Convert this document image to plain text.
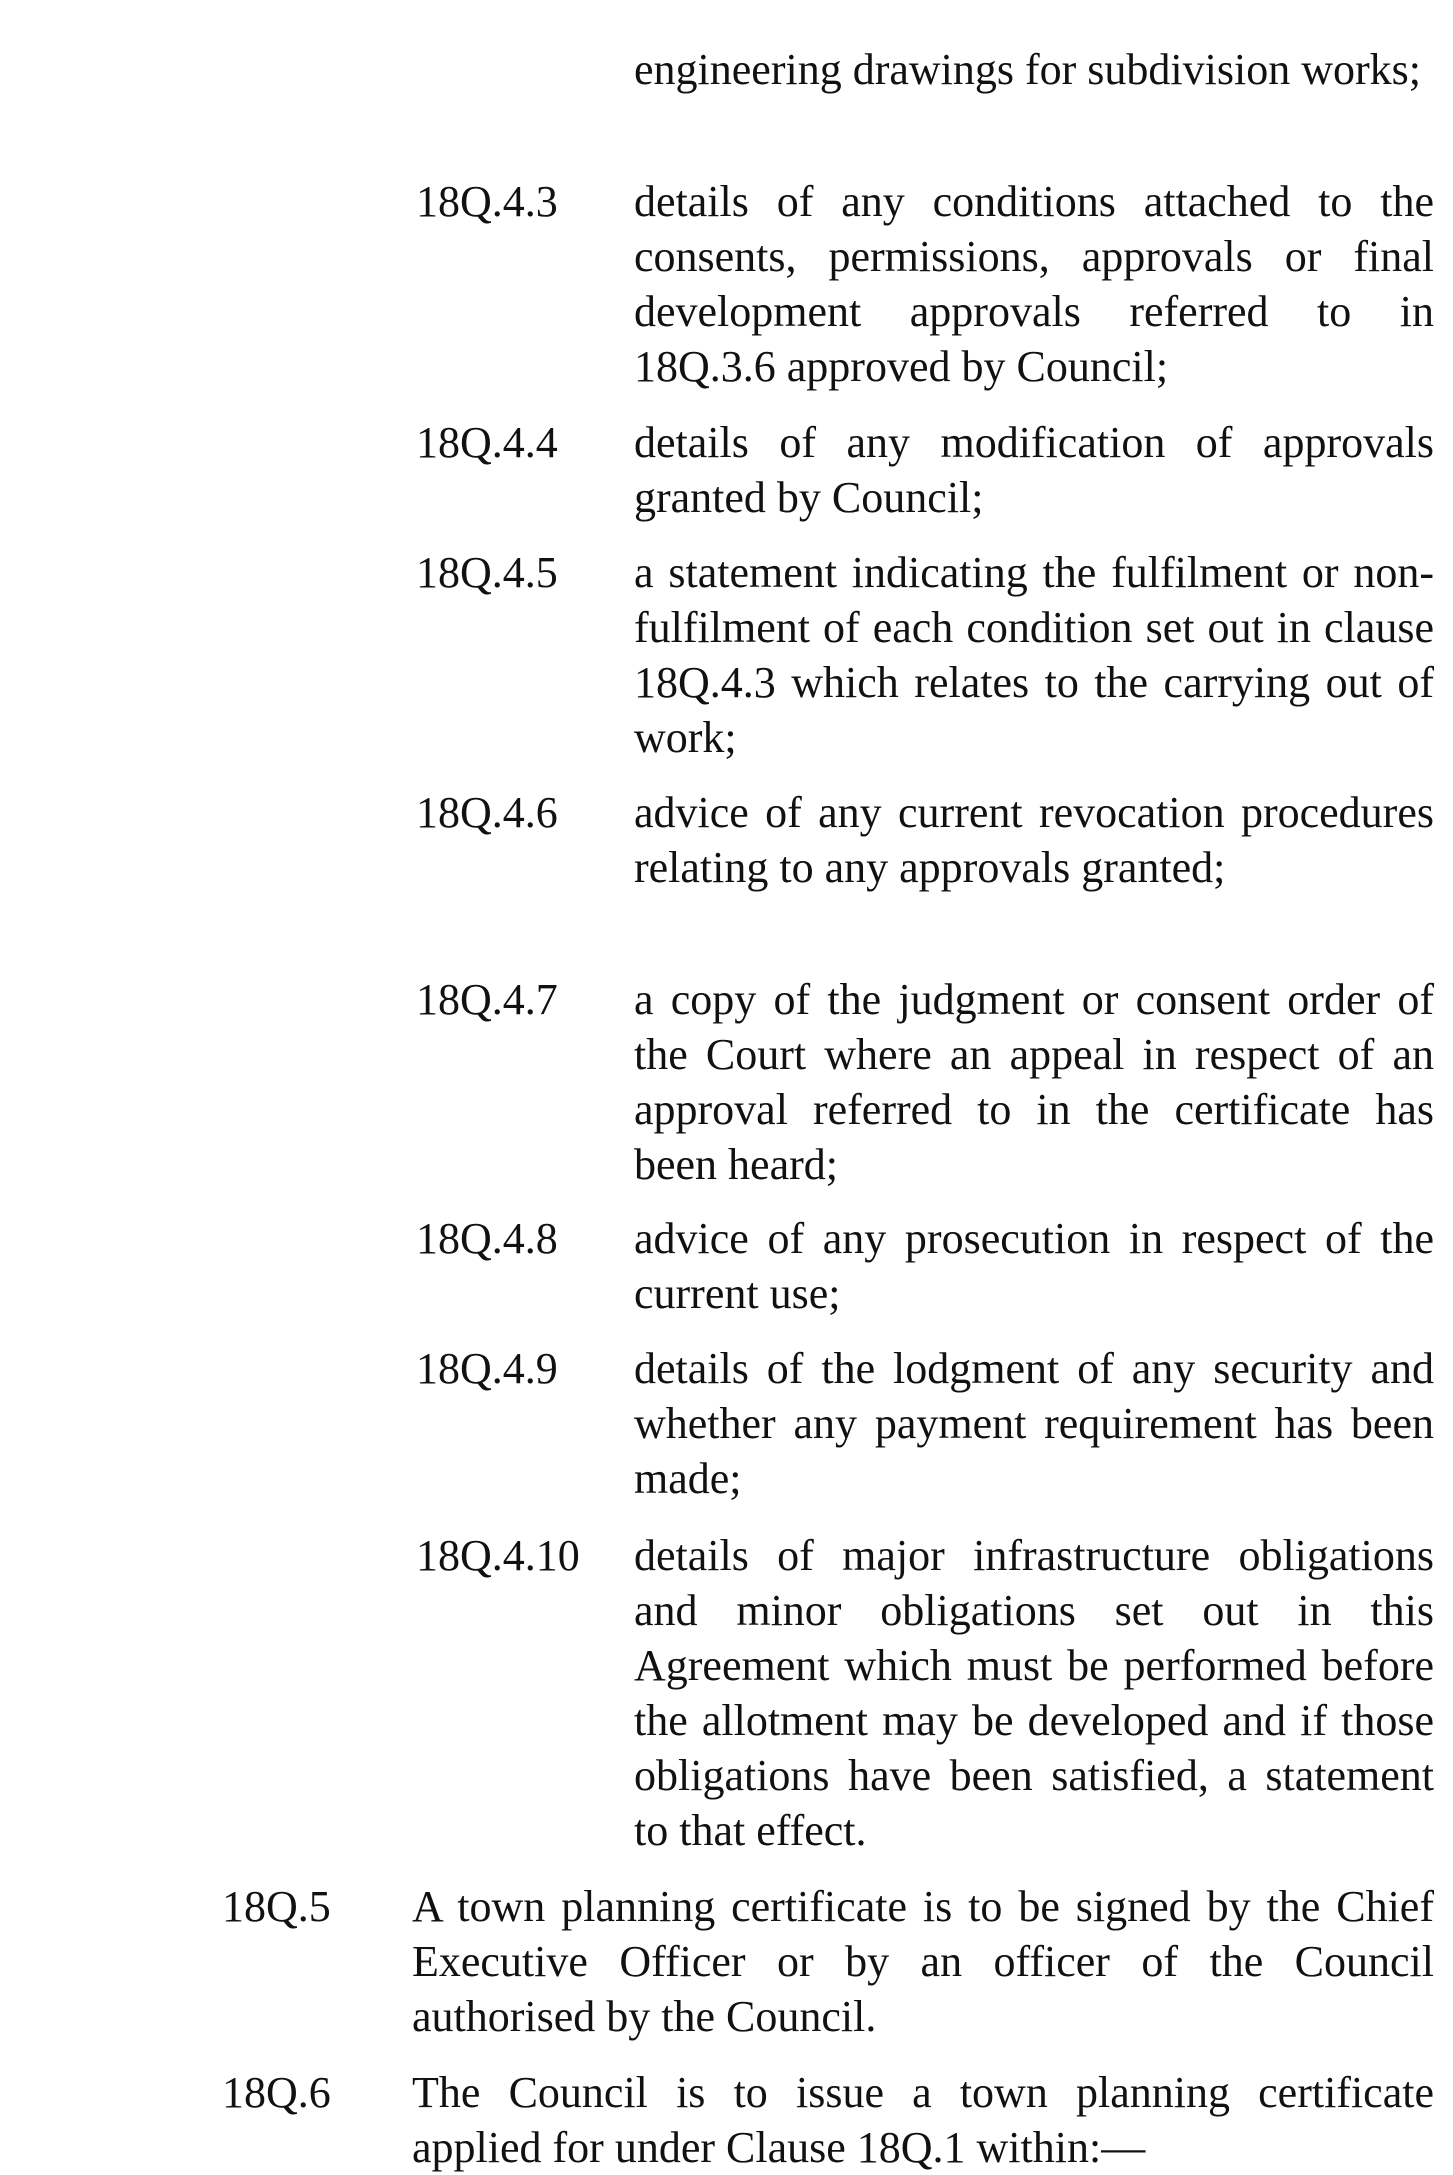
engineering drawings for subdivision works;
18Q.4.3 details of any conditions attached to the consents, permissions, approvals or final development approvals referred to in 18Q.3.6 approved by Council;
18Q.4.4 details of any modification of approvals granted by Council;
18Q.4.5 a statement indicating the fulfilment or non-fulfilment of each condition set out in clause 18Q.4.3 which relates to the carrying out of work;
18Q.4.6 advice of any current revocation procedures relating to any approvals granted;
18Q.4.7 a copy of the judgment or consent order of the Court where an appeal in respect of an approval referred to in the certificate has been heard;
18Q.4.8 advice of any prosecution in respect of the current use;
18Q.4.9 details of the lodgment of any security and whether any payment requirement has been made;
18Q.4.10 details of major infrastructure obligations and minor obligations set out in this Agreement which must be performed before the allotment may be developed and if those obligations have been satisfied, a statement to that effect.
18Q.5 A town planning certificate is to be signed by the Chief Executive Officer or by an officer of the Council authorised by the Council.
18Q.6 The Council is to issue a town planning certificate applied for under Clause 18Q.1 within:—
